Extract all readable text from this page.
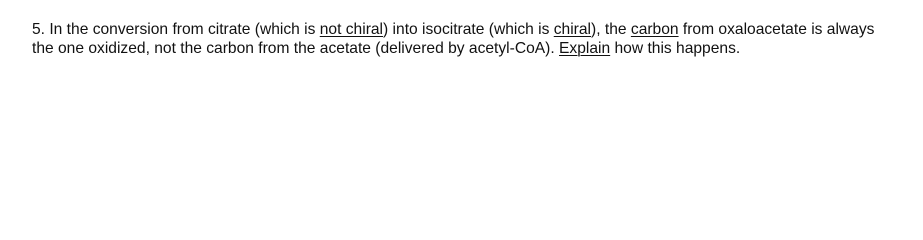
5. In the conversion from citrate (which is not chiral) into isocitrate (which is chiral), the carbon from oxaloacetate is always the one oxidized, not the carbon from the acetate (delivered by acetyl-CoA). Explain how this happens.
